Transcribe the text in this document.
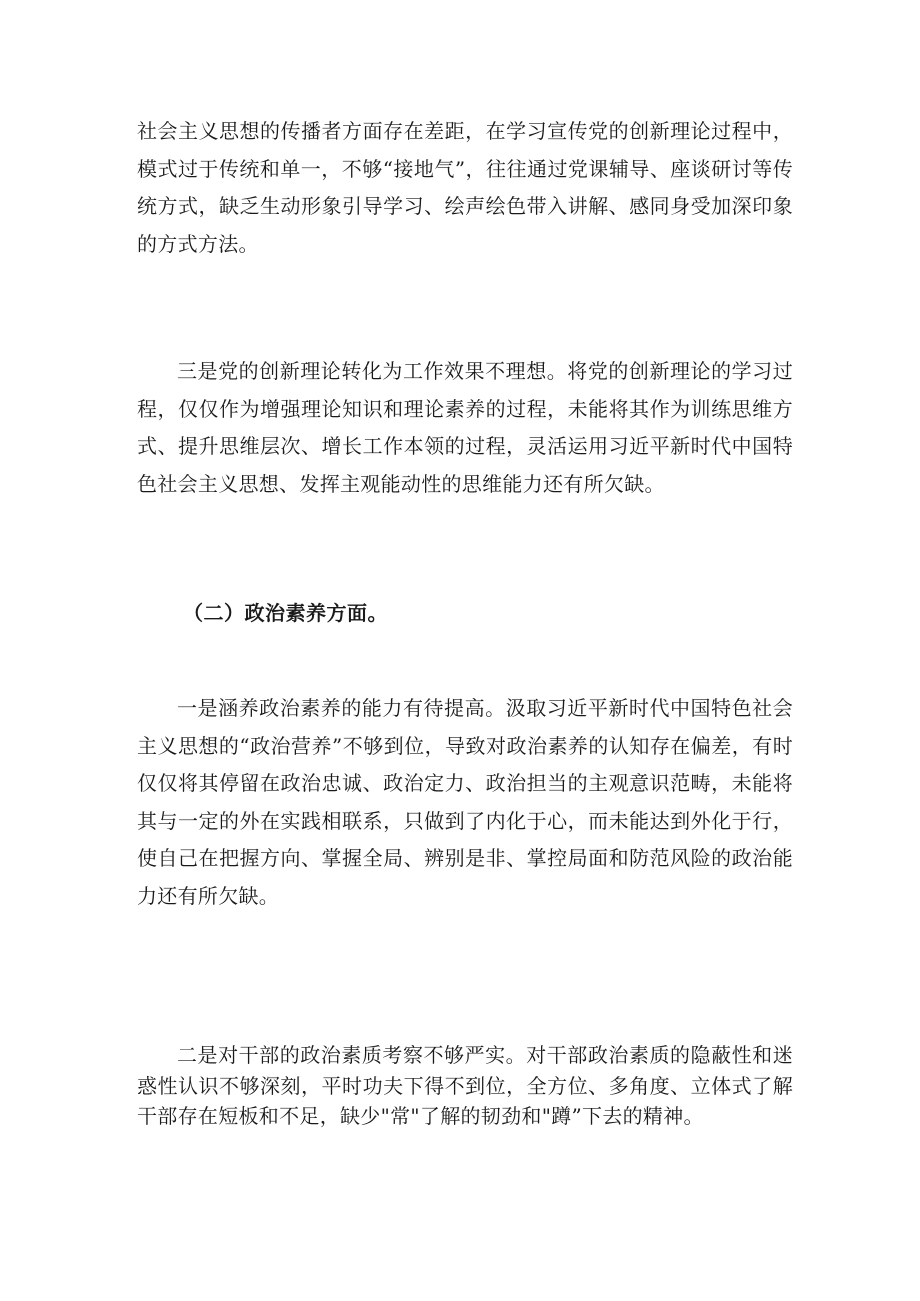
社会主义思想的传播者方面存在差距，在学习宣传党的创新理论过程中，模式过于传统和单一，不够“接地气”，往往通过党课辅导、座谈研讨等传统方式，缺乏生动形象引导学习、绘声绘色带入讲解、感同身受加深印象的方式方法。

三是党的创新理论转化为工作效果不理想。将党的创新理论的学习过程，仅仅作为增强理论知识和理论素养的过程，未能将其作为训练思维方式、提升思维层次、增长工作本领的过程，灵活运用习近平新时代中国特色社会主义思想、发挥主观能动性的思维能力还有所欠缺。

（二）政治素养方面。

一是涵养政治素养的能力有待提高。汲取习近平新时代中国特色社会主义思想的“政治营养”不够到位，导致对政治素养的认知存在偏差，有时仅仅将其停留在政治忠诚、政治定力、政治担当的主观意识范畴，未能将其与一定的外在实践相联系，只做到了内化于心，而未能达到外化于行，使自己在把握方向、掌握全局、辨别是非、掌控局面和防范风险的政治能力还有所欠缺。

二是对干部的政治素质考察不够严实。对干部政治素质的隐蔽性和迷惑性认识不够深刻，平时功夫下得不到位，全方位、多角度、立体式了解干部存在短板和不足，缺少"常"了解的韧劲和"蹲”下去的精神。
